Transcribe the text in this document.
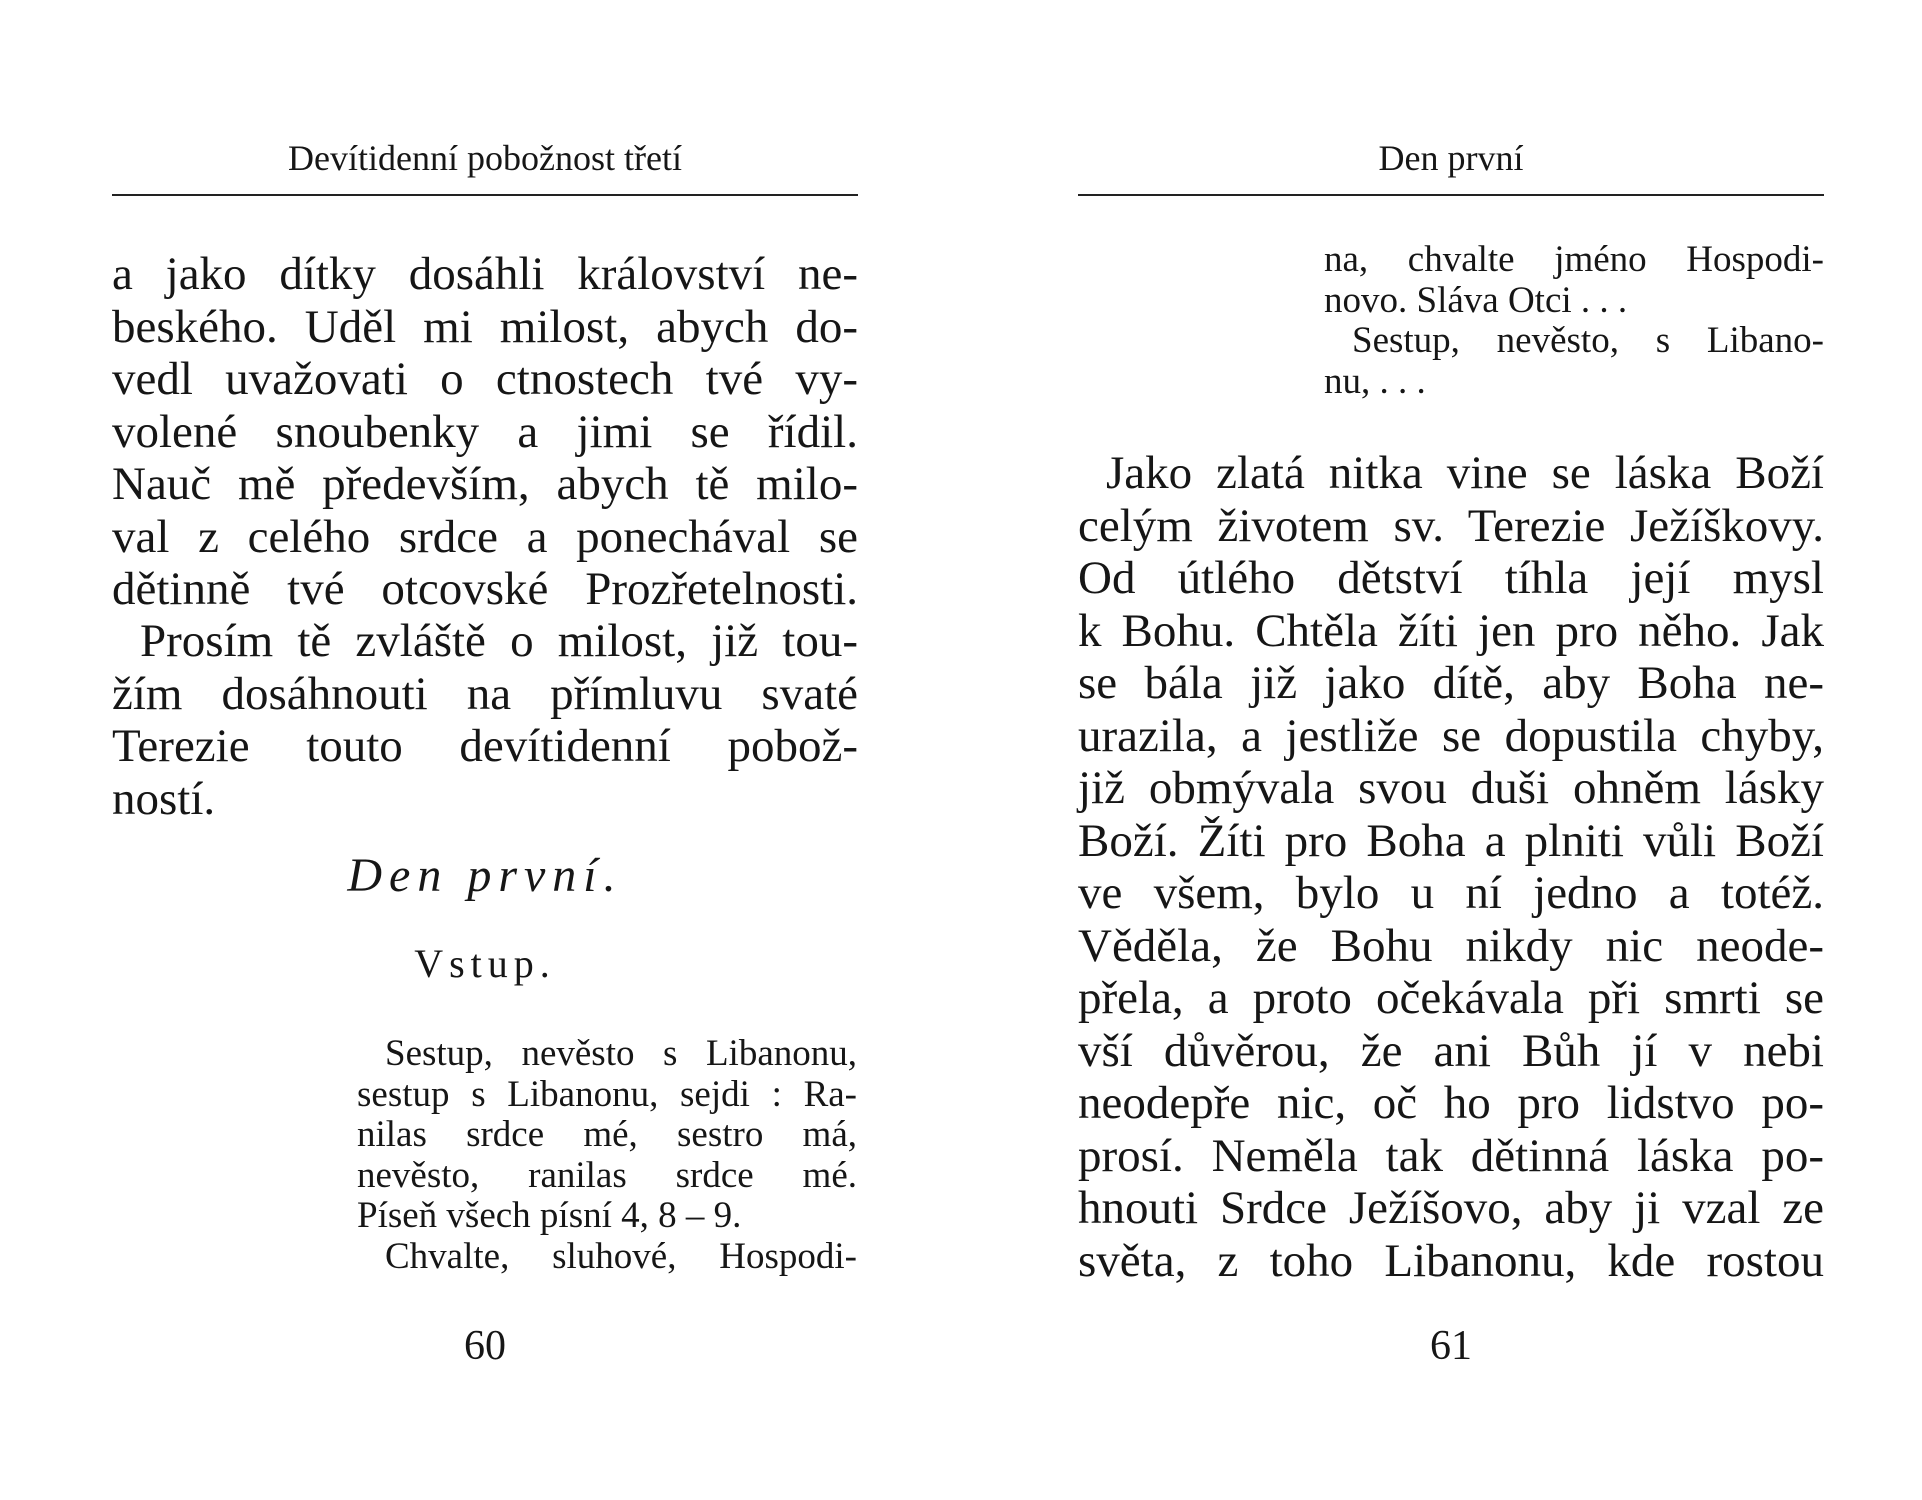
Devítidenní pobožnost třetí
a jako dítky dosáhli království ne-
beského. Uděl mi milost, abych do-
vedl uvažovati o ctnostech tvé vy-
volené snoubenky a jimi se řídil.
Nauč mě především, abych tě milo-
val z celého srdce a ponechával se
dětinně tvé otcovské Prozřetelnosti.
Prosím tě zvláště o milost, již tou-
žím dosáhnouti na přímluvu svaté
Terezie touto devítidenní pobož-
ností.
Den první.
Vstup.
Sestup, nevěsto s Libanonu,
sestup s Libanonu, sejdi : Ra-
nilas srdce mé, sestro má,
nevěsto, ranilas srdce mé.
Píseň všech písní 4, 8 – 9.
Chvalte, sluhové, Hospodi-
60
Den první
na, chvalte jméno Hospodi-
novo. Sláva Otci . . .
Sestup, nevěsto, s Libano-
nu, . . .
Jako zlatá nitka vine se láska Boží
celým životem sv. Terezie Ježíškovy.
Od útlého dětství tíhla její mysl
k Bohu. Chtěla žíti jen pro něho. Jak
se bála již jako dítě, aby Boha ne-
urazila, a jestliže se dopustila chyby,
již obmývala svou duši ohněm lásky
Boží. Žíti pro Boha a plniti vůli Boží
ve všem, bylo u ní jedno a totéž.
Věděla, že Bohu nikdy nic neode-
přela, a proto očekávala při smrti se
vší důvěrou, že ani Bůh jí v nebi
neodepře nic, oč ho pro lidstvo po-
prosí. Neměla tak dětinná láska po-
hnouti Srdce Ježíšovo, aby ji vzal ze
světa, z toho Libanonu, kde rostou
61
